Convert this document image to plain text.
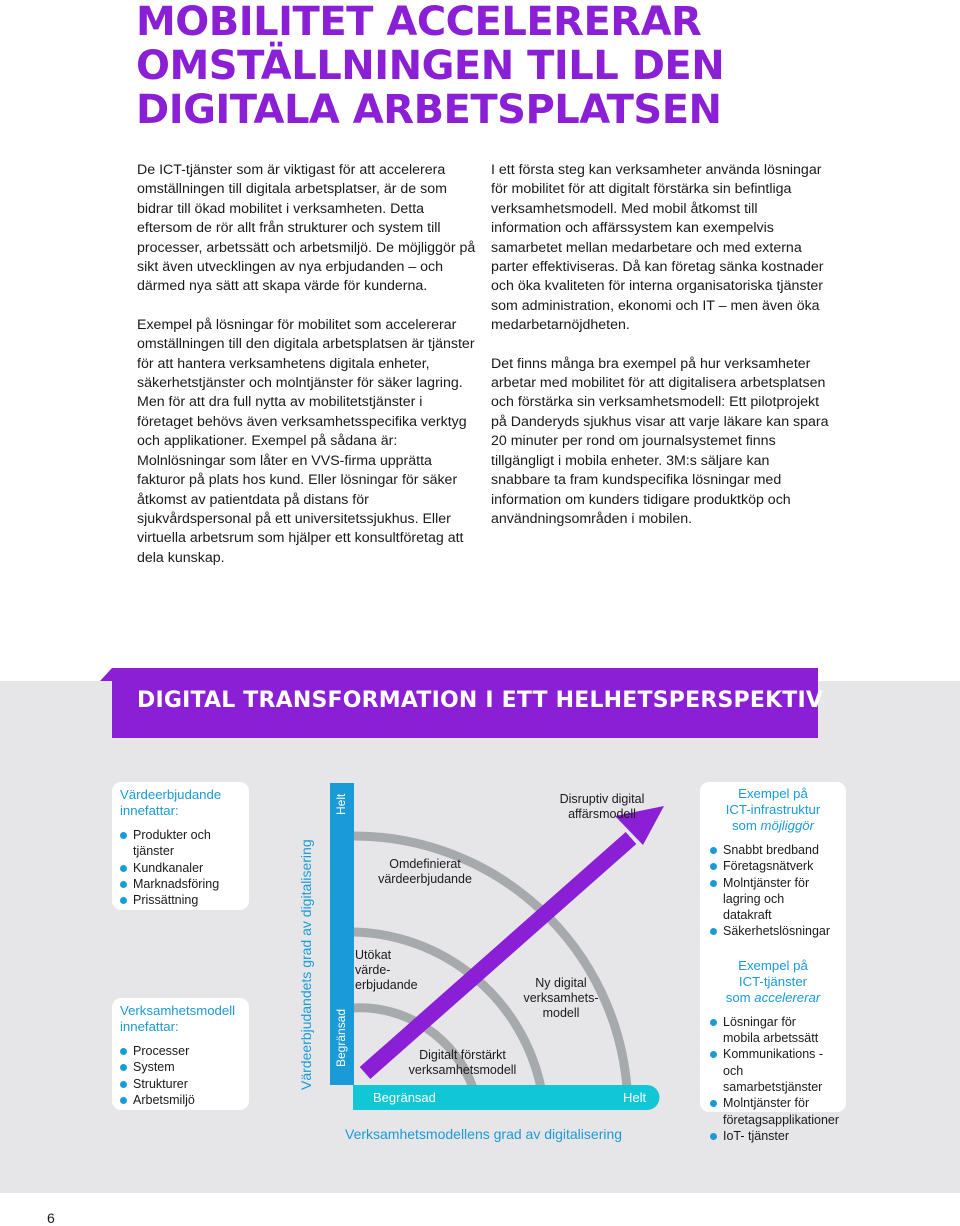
MOBILITET ACCELERERAR OMSTÄLLNINGEN TILL DEN DIGITALA ARBETSPLATSEN

De ICT-tjänster som är viktigast för att accelerera omställningen till digitala arbetsplatser, är de som bidrar till ökad mobilitet i verksamheten. Detta eftersom de rör allt från strukturer och system till processer, arbetssätt och arbetsmiljö. De möjliggör på sikt även utvecklingen av nya erbjudanden – och därmed nya sätt att skapa värde för kunderna.

Exempel på lösningar för mobilitet som accelererar omställningen till den digitala arbetsplatsen är tjänster för att hantera verksamhetens digitala enheter, säkerhetstjänster och molntjänster för säker lagring. Men för att dra full nytta av mobilitetstjänster i företaget behövs även verksamhetsspecifika verktyg och applikationer. Exempel på sådana är: Molnlösningar som låter en VVS-firma upprätta fakturor på plats hos kund. Eller lösningar för säker åtkomst av patientdata på distans för sjukvårdspersonal på ett universitetssjukhus. Eller virtuella arbetsrum som hjälper ett konsultföretag att dela kunskap.

I ett första steg kan verksamheter använda lösningar för mobilitet för att digitalt förstärka sin befintliga verksamhetsmodell. Med mobil åtkomst till information och affärssystem kan exempelvis samarbetet mellan medarbetare och med externa parter effektiviseras. Då kan företag sänka kostnader och öka kvaliteten för interna organisatoriska tjänster som administration, ekonomi och IT – men även öka medarbetarnöjdheten.

Det finns många bra exempel på hur verksamheter arbetar med mobilitet för att digitalisera arbetsplatsen och förstärka sin verksamhetsmodell: Ett pilotprojekt på Danderyds sjukhus visar att varje läkare kan spara 20 minuter per rond om journalsystemet finns tillgängligt i mobila enheter. 3M:s säljare kan snabbare ta fram kundspecifika lösningar med information om kunders tidigare produktköp och användningsområden i mobilen.

DIGITAL TRANSFORMATION I ETT HELHETSPERSPEKTIV
Värdeerbjudande
innefattar:
Produkter och tjänster
Kundkanaler
Marknadsföring
Prissättning
Verksamhetsmodell
innefattar:
Processer
System
Strukturer
Arbetsmiljö
Exempel på
ICT-infrastruktur
som möjliggör
Snabbt bredband
Företagsnätverk
Molntjänster för lagring och datakraft
Säkerhetslösningar
Exempel på
ICT-tjänster
som accelererar
Lösningar för mobila arbetssätt
Kommunikations - och samarbetstjänster
Molntjänster för företagsapplikationer
IoT- tjänster
Disruptiv digital affärsmodell
Omdefinierat värdeerbjudande
Utökat värde-erbjudande	Ny digital verksamhets-modell
Digitalt förstärkt verksamhetsmodell
Värdeerbjudandets grad av digitalisering
Helt
Begränsad
Begränsad	Helt
Verksamhetsmodellens grad av digitalisering
6
